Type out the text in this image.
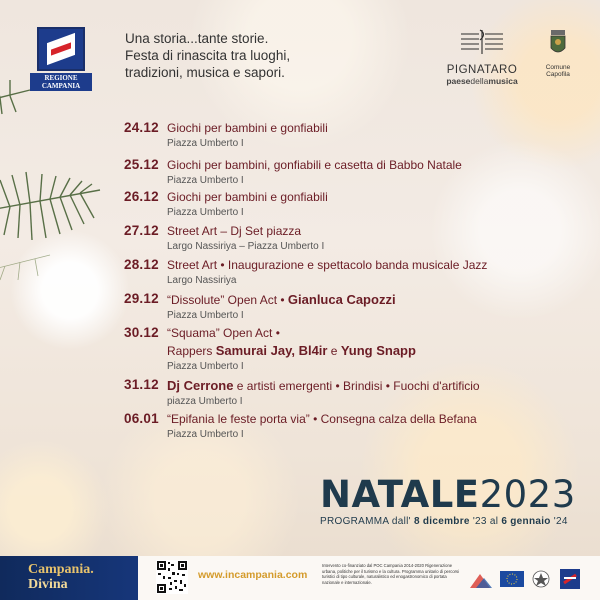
REGIONE CAMPANIA
Una storia...tante storie.
Festa di rinascita tra luoghi,
tradizioni, musica e sapori.	PIGNATARO
paesedellamusica
Comune Capofila
24.12 Giochi per bambini e gonfiabili
Piazza Umberto I
25.12 Giochi per bambini, gonfiabili e casetta di Babbo Natale
Piazza Umberto I
26.12 Giochi per bambini e gonfiabili
Piazza Umberto I
27.12 Street Art – Dj Set piazza
Largo Nassiriya – Piazza Umberto I
28.12 Street Art • Inaugurazione e spettacolo banda musicale Jazz
Largo Nassiriya
29.12 “Dissolute” Open Act • Gianluca Capozzi
Piazza Umberto I
30.12 “Squama” Open Act •
Rappers Samurai Jay, Bl4ir e Yung Snapp
Piazza Umberto I
31.12 Dj Cerrone e artisti emergenti • Brindisi • Fuochi d'artificio
piazza Umberto I
06.01 “Epifania le feste porta via” • Consegna calza della Befana
Piazza Umberto I
NATALE2023
PROGRAMMA dall' 8 dicembre '23 al 6 gennaio '24
Campania.
Divina
www.incampania.com
Intervento co-finanziato dal POC Campania 2014-2020 Rigenerazione urbana, politiche per il turismo e la cultura. Programma unitario di percorsi turistici di tipo culturale, naturalistico ed enogastronomico di portata nazionale e internazionale.
